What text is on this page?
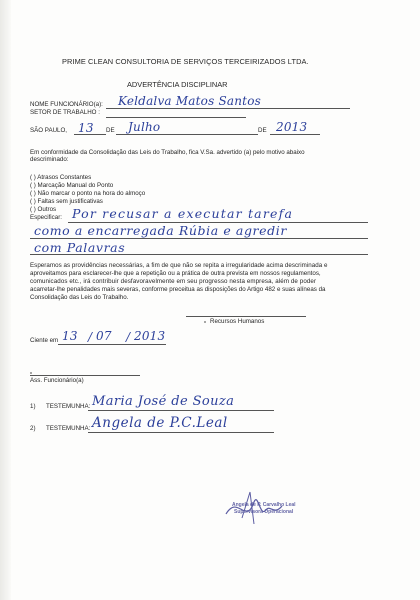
PRIME CLEAN CONSULTORIA DE SERVIÇOS TERCEIRIZADOS LTDA.
ADVERTÊNCIA DISCIPLINAR
NOME FUNCIONÁRIO(a): Keldalva Matos Santos
SETOR DE TRABALHO :
SÃO PAULO, 13 DE Julho	DE 2013
Em conformidade da Consolidação das Leis do Trabalho, fica V.Sa. advertido (a) pelo motivo abaixo
descriminado:
( ) Atrasos Constantes
( ) Marcação Manual do Ponto
( ) Não marcar o ponto na hora do almoço
( ) Faltas sem justificativas
( ) Outros
Especificar: Por recusar a executar tarefa
como a encarregada Rúbia e agredir
com Palavras
Esperamos as providências necessárias, a fim de que não se repita a irregularidade acima descriminada e
aproveitamos para esclarecer-lhe que a repetição ou a prática de outra prevista em nossos regulamentos,
comunicados etc., irá contribuir desfavoravelmente em seu progresso nesta empresa, além de poder
acarretar-lhe penalidades mais severas, conforme preceitua as disposições do Artigo 482 e suas alíneas da
Consolidação das Leis do Trabalho.
Recursos Humanos
Ciente em 13 / 07 / 2013
Ass. Funcionário(a)
1) TESTEMUNHA: Maria José de Souza
2) TESTEMUNHA: Angela de P.C.Leal
Angela de P. Carvalho Leal
Supervisora Operacional
